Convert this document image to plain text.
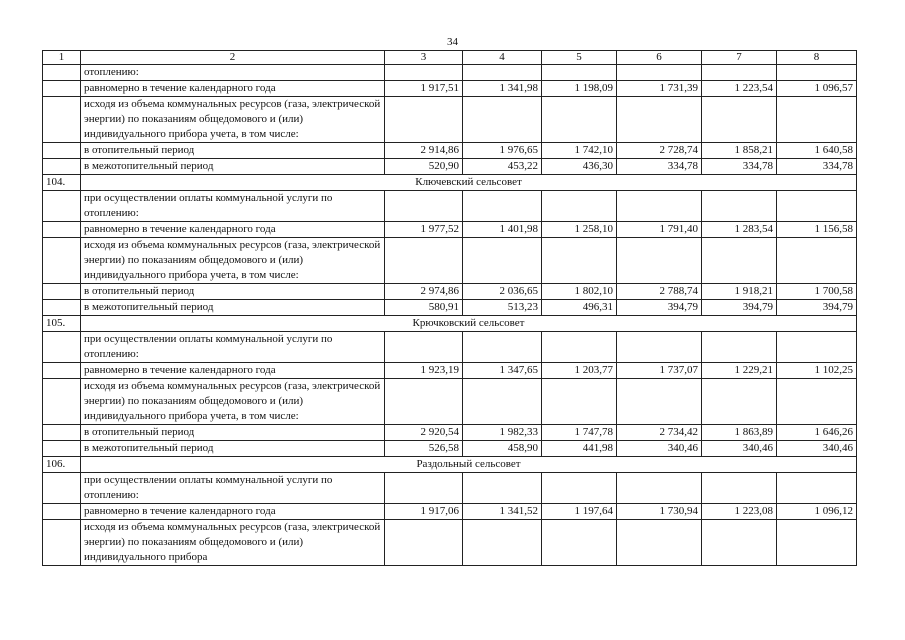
34
1	2	3	4	5	6	7	8
	отоплению:						
	равномерно в течение календарного года	1 917,51	1 341,98	1 198,09	1 731,39	1 223,54	1 096,57
	исходя из объема коммунальных ресурсов (газа, электрической энергии) по показаниям общедомового и (или) индивидуального прибора учета, в том числе:						
	в отопительный период	2 914,86	1 976,65	1 742,10	2 728,74	1 858,21	1 640,58
	в межотопительный период	520,90	453,22	436,30	334,78	334,78	334,78
104.	Ключевский сельсовет						
	при осуществлении оплаты коммунальной услуги по отоплению:						
	равномерно в течение календарного года	1 977,52	1 401,98	1 258,10	1 791,40	1 283,54	1 156,58
	исходя из объема коммунальных ресурсов (газа, электрической энергии) по показаниям общедомового и (или) индивидуального прибора учета, в том числе:						
	в отопительный период	2 974,86	2 036,65	1 802,10	2 788,74	1 918,21	1 700,58
	в межотопительный период	580,91	513,23	496,31	394,79	394,79	394,79
105.	Крючковский сельсовет						
	при осуществлении оплаты коммунальной услуги по отоплению:						
	равномерно в течение календарного года	1 923,19	1 347,65	1 203,77	1 737,07	1 229,21	1 102,25
	исходя из объема коммунальных ресурсов (газа, электрической энергии) по показаниям общедомового и (или) индивидуального прибора учета, в том числе:						
	в отопительный период	2 920,54	1 982,33	1 747,78	2 734,42	1 863,89	1 646,26
	в межотопительный период	526,58	458,90	441,98	340,46	340,46	340,46
106.	Раздольный сельсовет						
	при осуществлении оплаты коммунальной услуги по отоплению:						
	равномерно в течение календарного года	1 917,06	1 341,52	1 197,64	1 730,94	1 223,08	1 096,12
	исходя из объема коммунальных ресурсов (газа, электрической энергии) по показаниям общедомового и (или) индивидуального прибора						
